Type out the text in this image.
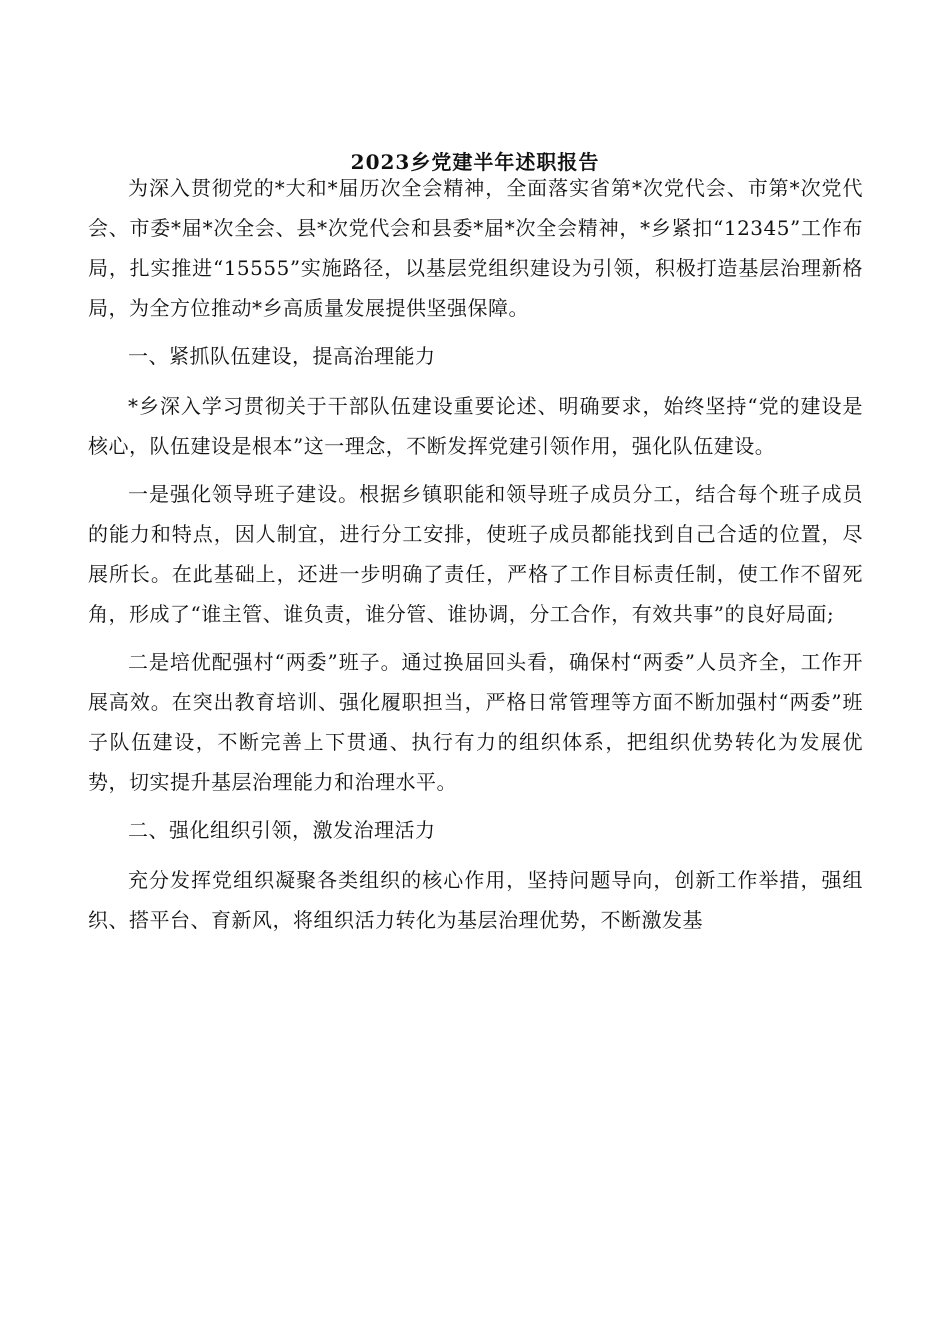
2023乡党建半年述职报告

为深入贯彻党的*大和*届历次全会精神，全面落实省第*次党代会、市第*次党代会、市委*届*次全会、县*次党代会和县委*届*次全会精神，*乡紧扣“12345”工作布局，扎实推进“15555”实施路径，以基层党组织建设为引领，积极打造基层治理新格局，为全方位推动*乡高质量发展提供坚强保障。

一、紧抓队伍建设，提高治理能力

*乡深入学习贯彻关于干部队伍建设重要论述、明确要求，始终坚持“党的建设是核心，队伍建设是根本”这一理念，不断发挥党建引领作用，强化队伍建设。

一是强化领导班子建设。根据乡镇职能和领导班子成员分工，结合每个班子成员的能力和特点，因人制宜，进行分工安排，使班子成员都能找到自己合适的位置，尽展所长。在此基础上，还进一步明确了责任，严格了工作目标责任制，使工作不留死角，形成了“谁主管、谁负责，谁分管、谁协调，分工合作，有效共事”的良好局面;

二是培优配强村“两委”班子。通过换届回头看，确保村“两委”人员齐全，工作开展高效。在突出教育培训、强化履职担当，严格日常管理等方面不断加强村“两委”班子队伍建设，不断完善上下贯通、执行有力的组织体系，把组织优势转化为发展优势，切实提升基层治理能力和治理水平。

二、强化组织引领，激发治理活力

充分发挥党组织凝聚各类组织的核心作用，坚持问题导向，创新工作举措，强组织、搭平台、育新风，将组织活力转化为基层治理优势，不断激发基
